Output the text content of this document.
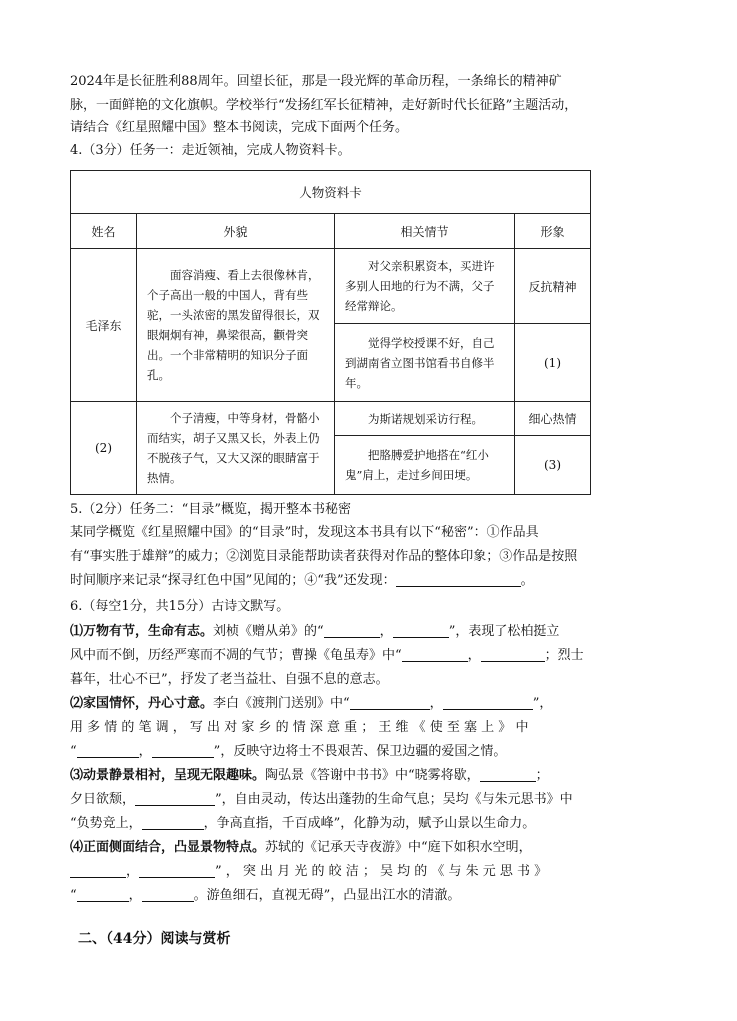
2024年是长征胜利88周年。回望长征，那是一段光辉的革命历程，一条绵长的精神矿
脉，一面鲜艳的文化旗帜。学校举行“发扬红军长征精神，走好新时代长征路”主题活动，
请结合《红星照耀中国》整本书阅读，完成下面两个任务。
4.（3分）任务一：走近领袖，完成人物资料卡。
人物资料卡			
姓名	外貌	相关情节	形象
毛泽东	面容消瘦、看上去很像林肯，个子高出一般的中国人，背有些驼，一头浓密的黑发留得很长，双眼炯炯有神，鼻梁很高，颧骨突出。一个非常精明的知识分子面孔。	对父亲积累资本，买进许多别人田地的行为不满，父子经常辩论。	反抗精神
		觉得学校授课不好，自己到湖南省立图书馆看书自修半年。	(1)
(2)	个子清瘦，中等身材，骨骼小而结实，胡子又黑又长，外表上仍不脱孩子气，又大又深的眼睛富于热情。	为斯诺规划采访行程。	细心热情
		把胳膊爱护地搭在“红小鬼”肩上，走过乡间田埂。	(3)
5.（2分）任务二：“目录”概览，揭开整本书秘密
某同学概览《红星照耀中国》的“目录”时，发现这本书具有以下“秘密”：①作品具
有“事实胜于雄辩”的威力；②浏览目录能帮助读者获得对作品的整体印象；③作品是按照
时间顺序来记录“探寻红色中国”见闻的；④“我”还发现：	。
6.（每空1分，共15分）古诗文默写。
⑴万物有节，生命有志。刘桢《赠从弟》的“	，	”，表现了松柏挺立
风中而不倒，历经严寒而不凋的气节；曹操《龟虽寿》中“	，	；烈士
暮年，壮心不已”，抒发了老当益壮、自强不息的意志。
⑵家国情怀，丹心寸意。李白《渡荆门送别》中“	，	”，
用 多 情 的 笔 调 ， 写 出 对 家 乡 的 情 深 意 重 ； 王 维 《 使 至 塞 上 》 中
“	，	”，反映守边将士不畏艰苦、保卫边疆的爱国之情。
⑶动景静景相衬，呈现无限趣味。陶弘景《答谢中书书》中“晓雾将歇，	；
夕日欲颓，	”，自由灵动，传达出蓬勃的生命气息；吴均《与朱元思书》中
“负势竞上，	，争高直指，千百成峰”，化静为动，赋予山景以生命力。
⑷正面侧面结合，凸显景物特点。苏轼的《记承天寺夜游》中“庭下如积水空明，
，	” ， 突 出 月 光 的 皎 洁 ； 吴 均 的 《 与 朱 元 思 书 》
“	，	。游鱼细石，直视无碍”，凸显出江水的清澈。
二、（44分）阅读与赏析
